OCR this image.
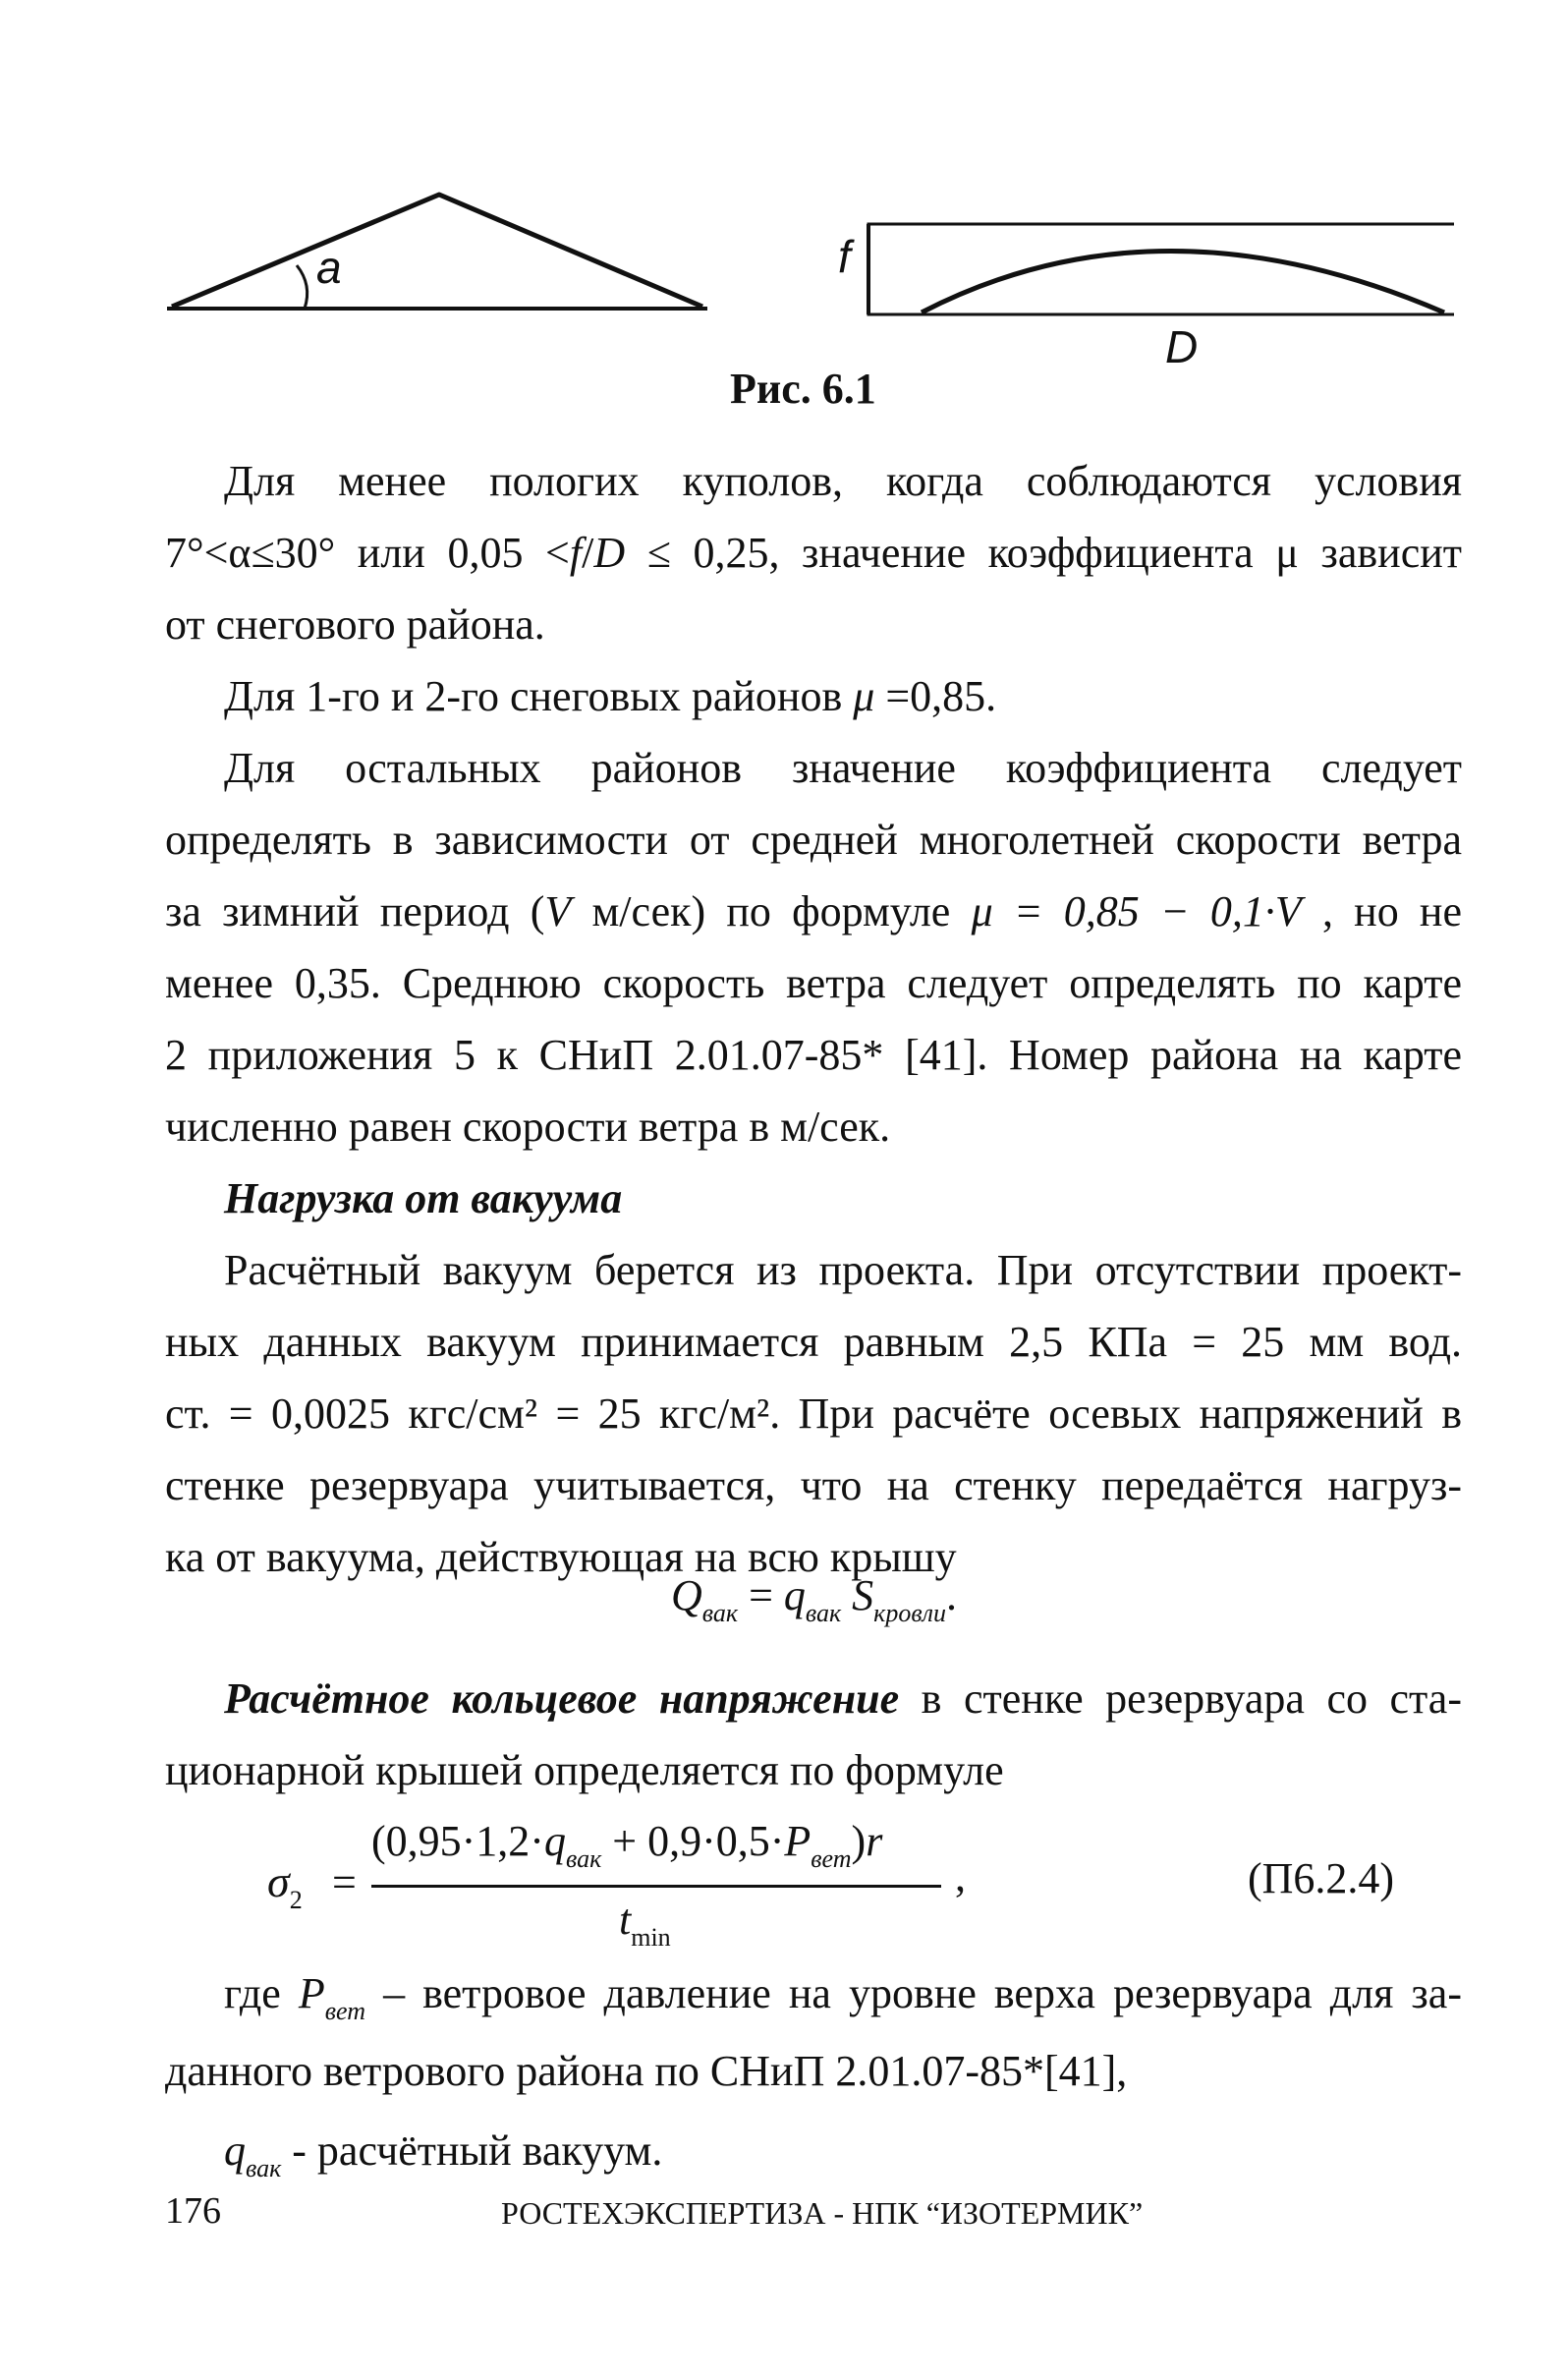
a	f
D
Рис. 6.1
Для менее пологих куполов, когда соблюдаются условия
7°<α≤30° или 0,05 <f/D ≤ 0,25, значение коэффициента μ зависит
от снегового района.
Для 1-го и 2-го снеговых районов μ =0,85.
Для остальных районов значение коэффициента следует
определять в зависимости от средней многолетней скорости ветра
за зимний период (V м/сек) по формуле μ = 0,85 − 0,1·V , но не
менее 0,35. Среднюю скорость ветра следует определять по карте
2 приложения 5 к СНиП 2.01.07-85* [41]. Номер района на карте
численно равен скорости ветра в м/сек.
Нагрузка от вакуума
Расчётный вакуум берется из проекта. При отсутствии проект-
ных данных вакуум принимается равным 2,5 КПа = 25 мм вод.
ст. = 0,0025 кгс/см² = 25 кгс/м². При расчёте осевых напряжений в
стенке резервуара учитывается, что на стенку передаётся нагруз-
ка от вакуума, действующая на всю крышу
$Q_{вак} = q_{вак}$ $S_{кровли}$.
Расчётное кольцевое напряжение в стенке резервуара со ста-
ционарной крышей определяется по формуле
$\sigma_2$ =
$(0,95\cdot 1,2\cdot q_{вак} + 0,9\cdot 0,5\cdot P_{вет})r$
$t_{min}$
,	(П6.2.4)
где $P_{вет}$ – ветровое давление на уровне верха резервуара для за-
данного ветрового района по СНиП 2.01.07-85*[41],
$q_{вак}$ - расчётный вакуум.
176	РОСТЕХЭКСПЕРТИЗА - НПК “ИЗОТЕРМИК”
